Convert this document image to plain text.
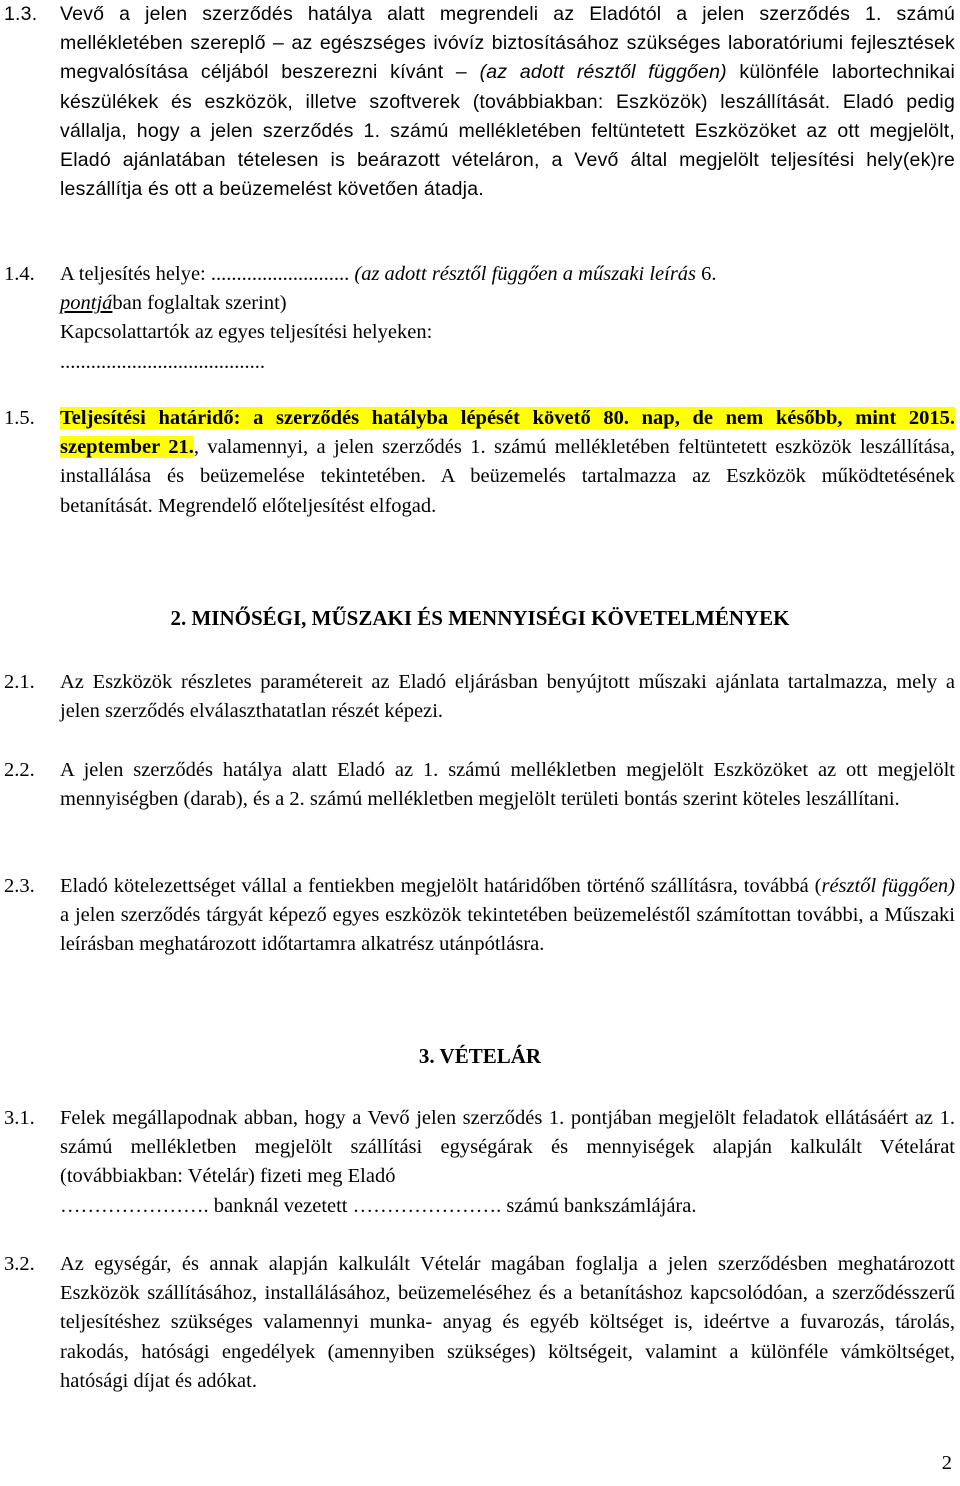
1.3. Vevő a jelen szerződés hatálya alatt megrendeli az Eladótól a jelen szerződés 1. számú mellékletében szereplő – az egészséges ivóvíz biztosításához szükséges laboratóriumi fejlesztések megvalósítása céljából beszerezni kívánt – (az adott résztől függően) különféle labortechnikai készülékek és eszközök, illetve szoftverek (továbbiakban: Eszközök) leszállítását. Eladó pedig vállalja, hogy a jelen szerződés 1. számú mellékletében feltüntetett Eszközöket az ott megjelölt, Eladó ajánlatában tételesen is beárazott vételáron, a Vevő által megjelölt teljesítési hely(ek)re leszállítja és ott a beüzemelést követően átadja.

1.4. A teljesítés helye: ........................... (az adott résztől függően a műszaki leírás 6.
pontjában foglaltak szerint)
Kapcsolattartók az egyes teljesítési helyeken:
........................................

1.5. Teljesítési határidő: a szerződés hatályba lépését követő 80. nap, de nem később, mint 2015. szeptember 21., valamennyi, a jelen szerződés 1. számú mellékletében feltüntetett eszközök leszállítása, installálása és beüzemelése tekintetében. A beüzemelés tartalmazza az Eszközök működtetésének betanítását. Megrendelő előteljesítést elfogad.

2. MINŐSÉGI, MŰSZAKI ÉS MENNYISÉGI KÖVETELMÉNYEK
2.1. Az Eszközök részletes paramétereit az Eladó eljárásban benyújtott műszaki ajánlata tartalmazza, mely a jelen szerződés elválaszthatatlan részét képezi.

2.2. A jelen szerződés hatálya alatt Eladó az 1. számú mellékletben megjelölt Eszközöket az ott megjelölt mennyiségben (darab), és a 2. számú mellékletben megjelölt területi bontás szerint köteles leszállítani.

2.3. Eladó kötelezettséget vállal a fentiekben megjelölt határidőben történő szállításra, továbbá (résztől függően) a jelen szerződés tárgyát képező egyes eszközök tekintetében beüzemeléstől számítottan további, a Műszaki leírásban meghatározott időtartamra alkatrész utánpótlásra.

3. VÉTELÁR
3.1. Felek megállapodnak abban, hogy a Vevő jelen szerződés 1. pontjában megjelölt feladatok ellátásáért az 1. számú mellékletben megjelölt szállítási egységárak és mennyiségek alapján kalkulált Vételárat (továbbiakban: Vételár) fizeti meg Eladó
…………………. banknál vezetett …………………. számú bankszámlájára.

3.2. Az egységár, és annak alapján kalkulált Vételár magában foglalja a jelen szerződésben meghatározott Eszközök szállításához, installálásához, beüzemeléséhez és a betanításhoz kapcsolódóan, a szerződésszerű teljesítéshez szükséges valamennyi munka- anyag és egyéb költséget is, ideértve a fuvarozás, tárolás, rakodás, hatósági engedélyek (amennyiben szükséges) költségeit, valamint a különféle vámköltséget, hatósági díjat és adókat.

2
